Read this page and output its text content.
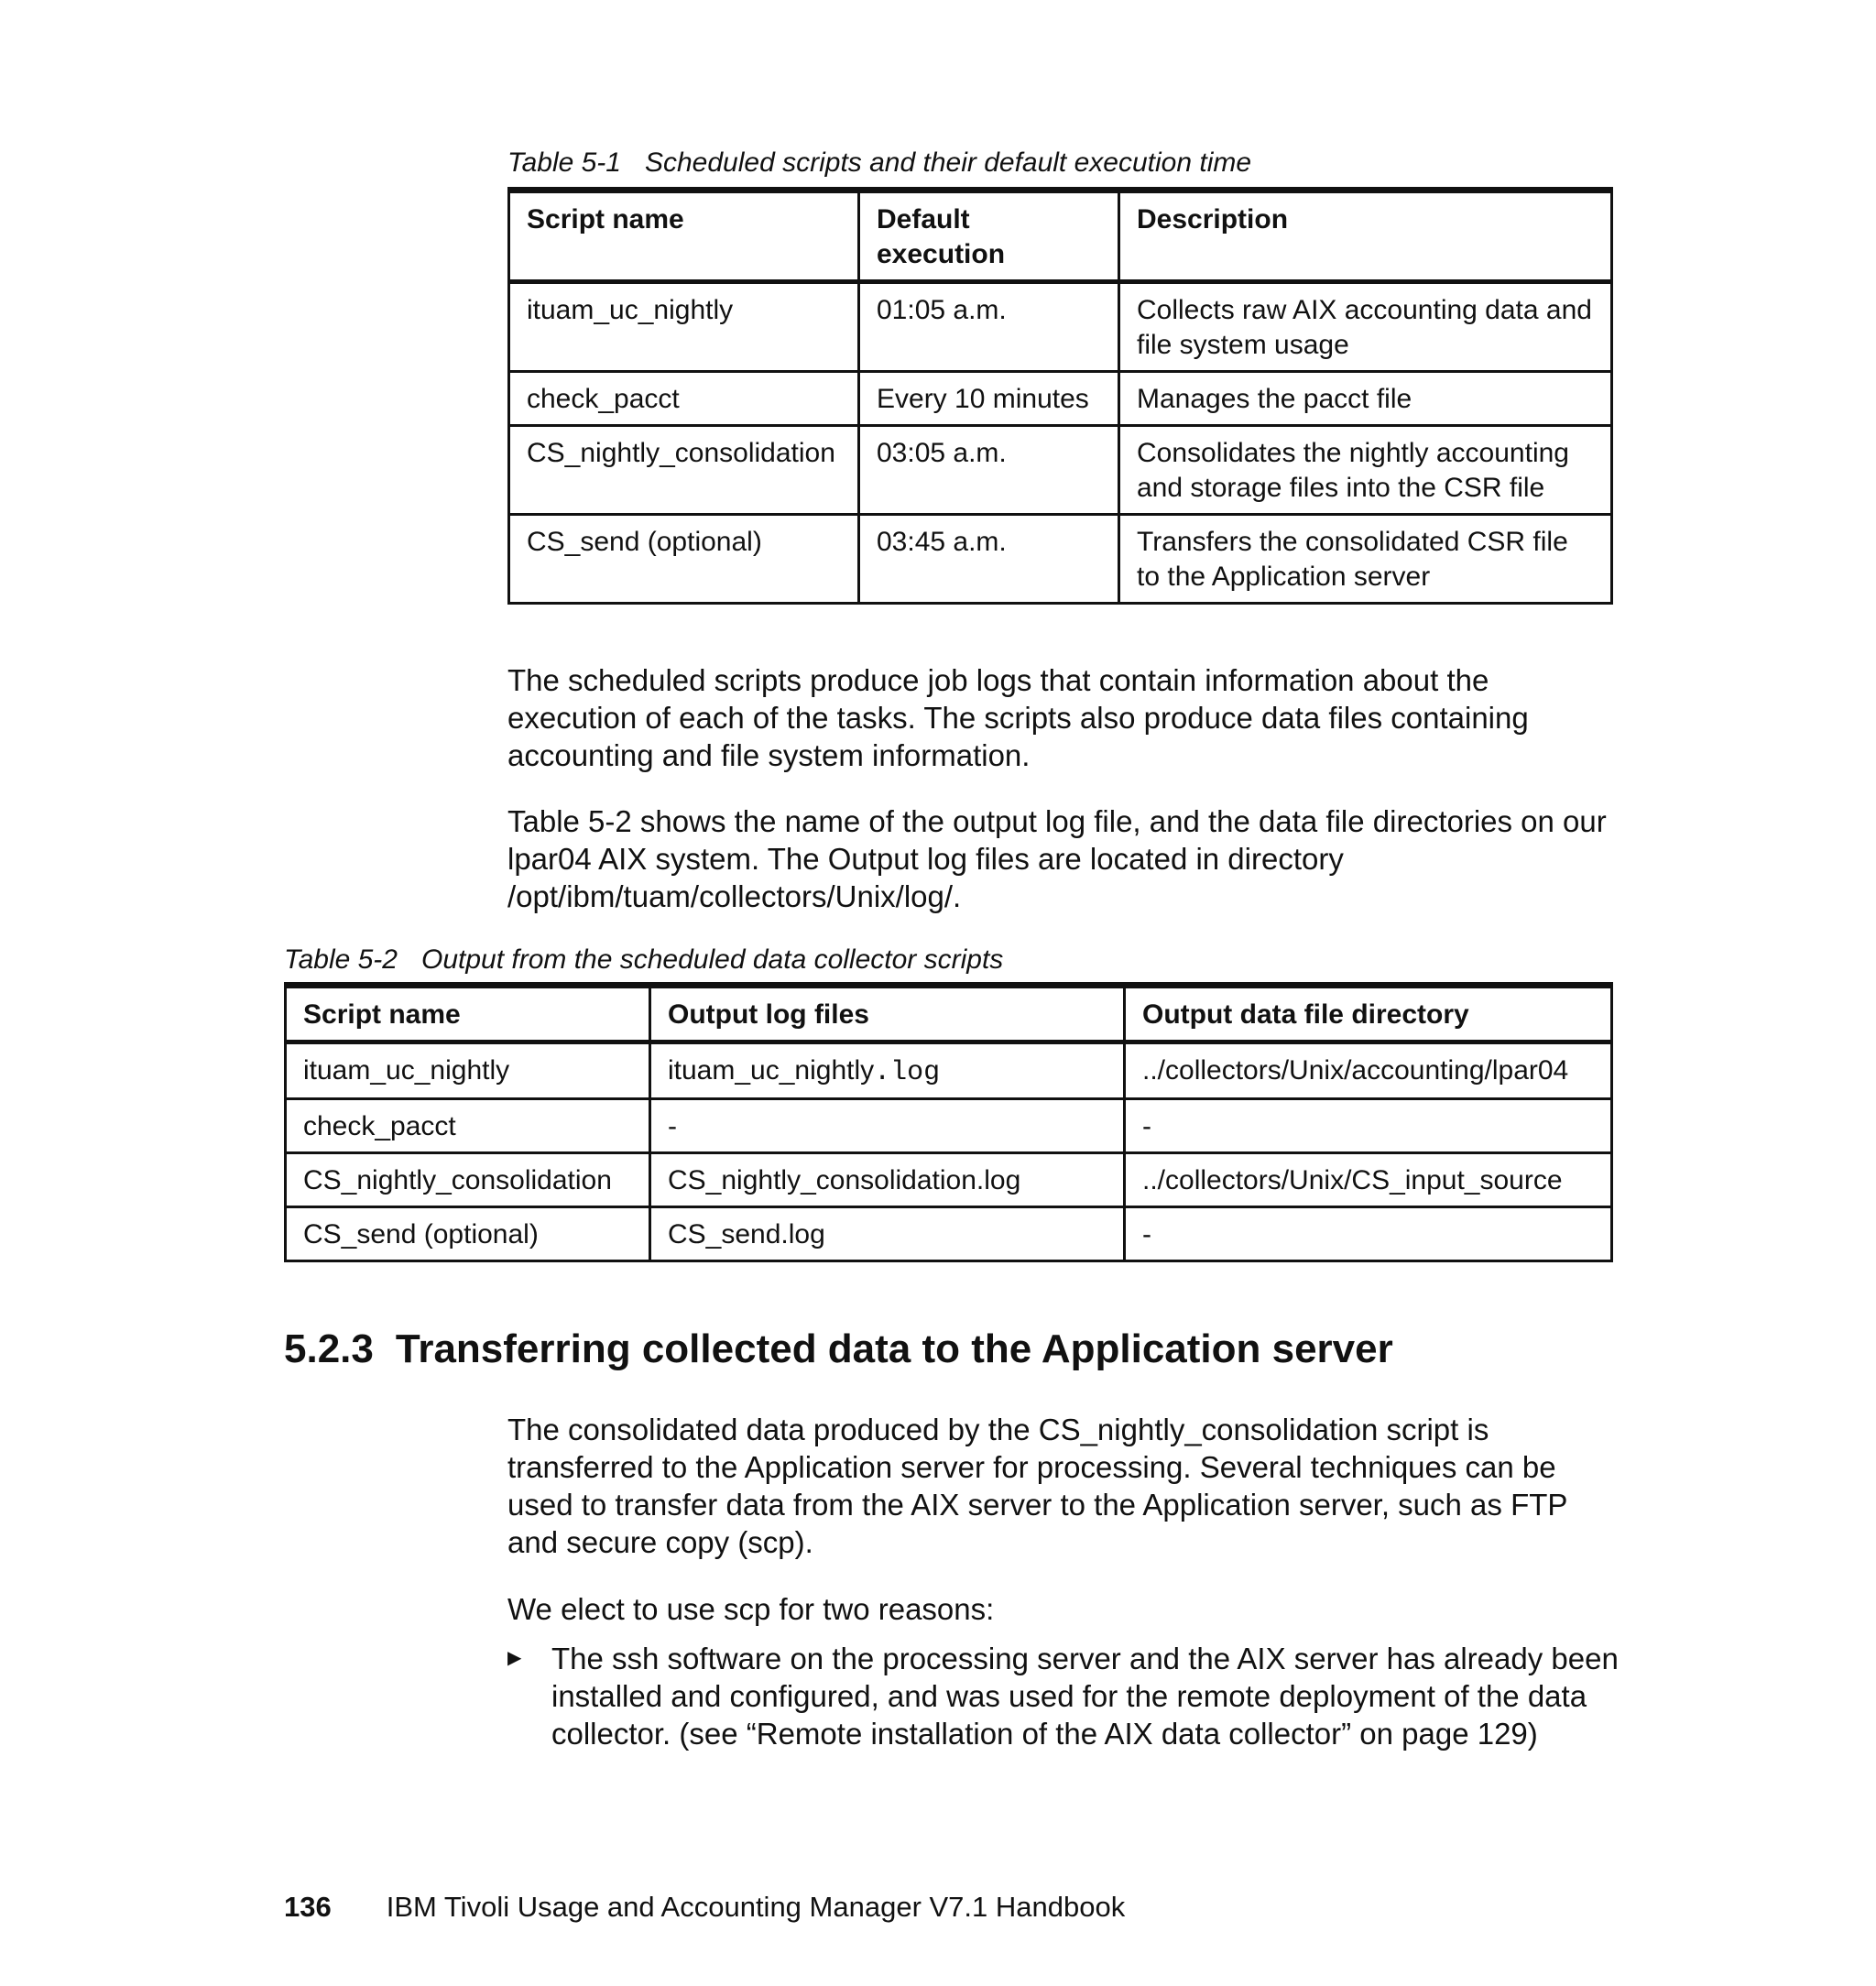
Table 5-1 Scheduled scripts and their default execution time
Script name	Default execution	Description
ituam_uc_nightly	01:05 a.m.	Collects raw AIX accounting data and file system usage
check_pacct	Every 10 minutes	Manages the pacct file
CS_nightly_consolidation	03:05 a.m.	Consolidates the nightly accounting and storage files into the CSR file
CS_send (optional)	03:45 a.m.	Transfers the consolidated CSR file to the Application server

The scheduled scripts produce job logs that contain information about the execution of each of the tasks. The scripts also produce data files containing accounting and file system information.

Table 5-2 shows the name of the output log file, and the data file directories on our lpar04 AIX system. The Output log files are located in directory /opt/ibm/tuam/collectors/Unix/log/.

Table 5-2 Output from the scheduled data collector scripts
Script name	Output log files	Output data file directory
ituam_uc_nightly	ituam_uc_nightly.log	../collectors/Unix/accounting/lpar04
check_pacct	-	-
CS_nightly_consolidation	CS_nightly_consolidation.log	../collectors/Unix/CS_input_source
CS_send (optional)	CS_send.log	-
5.2.3 Transferring collected data to the Application server

The consolidated data produced by the CS_nightly_consolidation script is transferred to the Application server for processing. Several techniques can be used to transfer data from the AIX server to the Application server, such as FTP and secure copy (scp).

We elect to use scp for two reasons:

▶ The ssh software on the processing server and the AIX server has already been installed and configured, and was used for the remote deployment of the data collector. (see “Remote installation of the AIX data collector” on page 129)
136 IBM Tivoli Usage and Accounting Manager V7.1 Handbook
